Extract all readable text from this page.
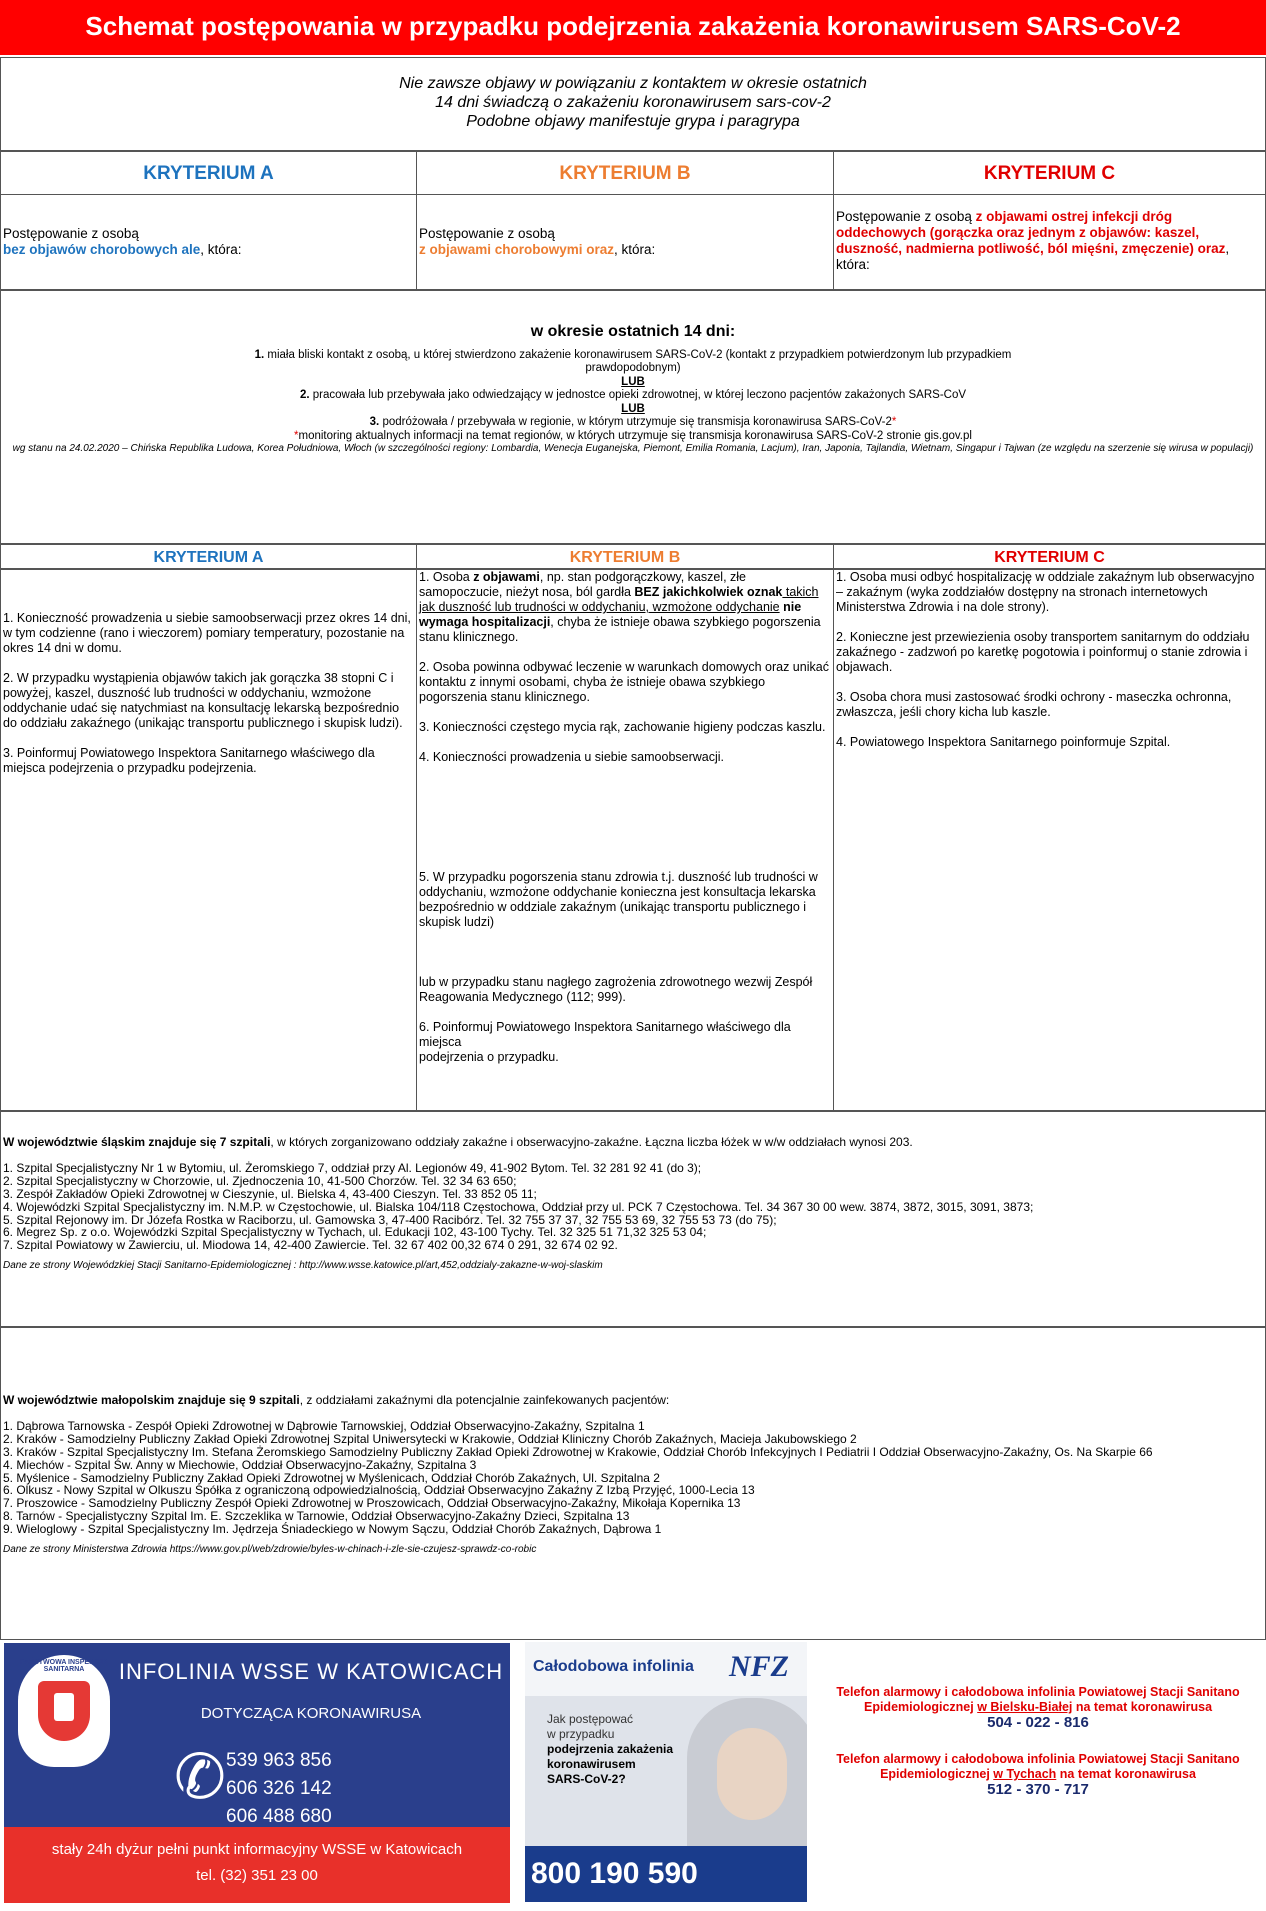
Schemat postępowania w przypadku podejrzenia zakażenia koronawirusem SARS-CoV-2
Nie zawsze objawy w powiązaniu z kontaktem w okresie ostatnich
14 dni świadczą o zakażeniu koronawirusem sars-cov-2
Podobne objawy manifestuje grypa i paragrypa
KRYTERIUM A	KRYTERIUM B	KRYTERIUM C
Postępowanie z osobą
bez objawów chorobowych ale, która:
Postępowanie z osobą
z objawami chorobowymi oraz, która:
Postępowanie z osobą z objawami ostrej infekcji dróg oddechowych (gorączka oraz jednym z objawów: kaszel, duszność, nadmierna potliwość, ból mięśni, zmęczenie) oraz, która:
w okresie ostatnich 14 dni:
1. miała bliski kontakt z osobą, u której stwierdzono zakażenie koronawirusem SARS-CoV-2 (kontakt z przypadkiem potwierdzonym lub przypadkiem prawdopodobnym)
LUB
2. pracowała lub przebywała jako odwiedzający w jednostce opieki zdrowotnej, w której leczono pacjentów zakażonych SARS-CoV
LUB
3. podróżowała / przebywała w regionie, w którym utrzymuje się transmisja koronawirusa SARS-CoV-2*
*monitoring aktualnych informacji na temat regionów, w których utrzymuje się transmisja koronawirusa SARS-CoV-2 stronie gis.gov.pl
wg stanu na 24.02.2020 – Chińska Republika Ludowa, Korea Południowa, Włoch (w szczególności regiony: Lombardia, Wenecja Euganejska, Piemont, Emilia Romania, Lacjum), Iran, Japonia, Tajlandia, Wietnam, Singapur i Tajwan (ze względu na szerzenie się wirusa w populacji)
KRYTERIUM A	KRYTERIUM B	KRYTERIUM C

1. Konieczność prowadzenia u siebie samoobserwacji przez okres 14 dni, w tym codzienne (rano i wieczorem) pomiary temperatury, pozostanie na okres 14 dni w domu.

2. W przypadku wystąpienia objawów takich jak gorączka 38 stopni C i powyżej, kaszel, duszność lub trudności w oddychaniu, wzmożone oddychanie udać się natychmiast na konsultację lekarską bezpośrednio do oddziału zakaźnego (unikając transportu publicznego i skupisk ludzi).

3. Poinformuj Powiatowego Inspektora Sanitarnego właściwego dla miejsca podejrzenia o przypadku podejrzenia.

1. Osoba z objawami, np. stan podgorączkowy, kaszel, złe samopoczucie, nieżyt nosa, ból gardła BEZ jakichkolwiek oznak takich jak duszność lub trudności w oddychaniu, wzmożone oddychanie nie wymaga hospitalizacji, chyba że istnieje obawa szybkiego pogorszenia stanu klinicznego.

2. Osoba powinna odbywać leczenie w warunkach domowych oraz unikać kontaktu z innymi osobami, chyba że istnieje obawa szybkiego pogorszenia stanu klinicznego.

3. Konieczności częstego mycia rąk, zachowanie higieny podczas kaszlu.

4. Konieczności prowadzenia u siebie samoobserwacji.

5. W przypadku pogorszenia stanu zdrowia t.j. duszność lub trudności w oddychaniu, wzmożone oddychanie konieczna jest konsultacja lekarska bezpośrednio w oddziale zakaźnym (unikając transportu publicznego i skupisk ludzi)

lub w przypadku stanu nagłego zagrożenia zdrowotnego wezwij Zespół Reagowania Medycznego (112; 999).

6. Poinformuj Powiatowego Inspektora Sanitarnego właściwego dla miejsca
podejrzenia o przypadku.

1. Osoba musi odbyć hospitalizację w oddziale zakaźnym lub obserwacyjno – zakaźnym (wyka zoddziałów dostępny na stronach internetowych Ministerstwa Zdrowia i na dole strony).

2. Konieczne jest przewiezienia osoby transportem sanitarnym do oddziału zakaźnego - zadzwoń po karetkę pogotowia i poinformuj o stanie zdrowia i objawach.

3. Osoba chora musi zastosować środki ochrony - maseczka ochronna, zwłaszcza, jeśli chory kicha lub kaszle.

4. Powiatowego Inspektora Sanitarnego poinformuje Szpital.

W województwie śląskim znajduje się 7 szpitali, w których zorganizowano oddziały zakaźne i obserwacyjno-zakaźne. Łączna liczba łóżek w w/w oddziałach wynosi 203.
1. Szpital Specjalistyczny Nr 1 w Bytomiu, ul. Żeromskiego 7, oddział przy Al. Legionów 49, 41-902 Bytom. Tel. 32 281 92 41 (do 3);
2. Szpital Specjalistyczny w Chorzowie, ul. Zjednoczenia 10, 41-500 Chorzów. Tel. 32 34 63 650;
3. Zespół Zakładów Opieki Zdrowotnej w Cieszynie, ul. Bielska 4, 43-400 Cieszyn. Tel. 33 852 05 11;
4. Wojewódzki Szpital Specjalistyczny im. N.M.P. w Częstochowie, ul. Bialska 104/118 Częstochowa, Oddział przy ul. PCK 7 Częstochowa. Tel. 34 367 30 00 wew. 3874, 3872, 3015, 3091, 3873;
5. Szpital Rejonowy im. Dr Józefa Rostka w Raciborzu, ul. Gamowska 3, 47-400 Racibórz. Tel. 32 755 37 37, 32 755 53 69, 32 755 53 73 (do 75);
6. Megrez Sp. z o.o. Wojewódzki Szpital Specjalistyczny w Tychach, ul. Edukacji 102, 43-100 Tychy. Tel. 32 325 51 71,32 325 53 04;
7. Szpital Powiatowy w Zawierciu, ul. Miodowa 14, 42-400 Zawiercie. Tel. 32 67 402 00,32 674 0 291, 32 674 02 92.
Dane ze strony Wojewódzkiej Stacji Sanitarno-Epidemiologicznej : http://www.wsse.katowice.pl/art,452,oddzialy-zakazne-w-woj-slaskim
W województwie małopolskim znajduje się 9 szpitali, z oddziałami zakaźnymi dla potencjalnie zainfekowanych pacjentów:
1. Dąbrowa Tarnowska - Zespół Opieki Zdrowotnej w Dąbrowie Tarnowskiej, Oddział Obserwacyjno-Zakaźny, Szpitalna 1
2. Kraków - Samodzielny Publiczny Zakład Opieki Zdrowotnej Szpital Uniwersytecki w Krakowie, Oddział Kliniczny Chorób Zakaźnych, Macieja Jakubowskiego 2
3. Kraków - Szpital Specjalistyczny Im. Stefana Żeromskiego Samodzielny Publiczny Zakład Opieki Zdrowotnej w Krakowie, Oddział Chorób Infekcyjnych I Pediatrii I Oddział Obserwacyjno-Zakaźny, Os. Na Skarpie 66
4. Miechów - Szpital Św. Anny w Miechowie, Oddział Obserwacyjno-Zakaźny, Szpitalna 3
5. Myślenice - Samodzielny Publiczny Zakład Opieki Zdrowotnej w Myślenicach, Oddział Chorób Zakaźnych, Ul. Szpitalna 2
6. Olkusz - Nowy Szpital w Olkuszu Spółka z ograniczoną odpowiedzialnością, Oddział Obserwacyjno Zakaźny Z Izbą Przyjęć, 1000-Lecia 13
7. Proszowice - Samodzielny Publiczny Zespół Opieki Zdrowotnej w Proszowicach, Oddział Obserwacyjno-Zakaźny, Mikołaja Kopernika 13
8. Tarnów - Specjalistyczny Szpital Im. E. Szczeklika w Tarnowie, Oddział Obserwacyjno-Zakaźny Dzieci, Szpitalna 13
9. Wieloglowy - Szpital Specjalistyczny Im. Jędrzeja Śniadeckiego w Nowym Sączu, Oddział Chorób Zakaźnych, Dąbrowa 1
Dane ze strony Ministerstwa Zdrowia https://www.gov.pl/web/zdrowie/byles-w-chinach-i-zle-sie-czujesz-sprawdz-co-robic
PAŃSTWOWA INSPEKCJA SANITARNA	INFOLINIA WSSE W KATOWICACH
DOTYCZĄCA KORONAWIRUSA
✆ 539 963 856
606 326 142
606 488 680
stały 24h dyżur pełni punkt informacyjny WSSE w Katowicach
tel. (32) 351 23 00
Całodobowa infolinia NFZ
Jak postępować
w przypadku
podejrzenia zakażenia
koronawirusem
SARS-CoV-2?
800 190 590
Telefon alarmowy i całodobowa infolinia Powiatowej Stacji Sanitano Epidemiologicznej w Bielsku-Białej na temat koronawirusa
504 - 022 - 816
Telefon alarmowy i całodobowa infolinia Powiatowej Stacji Sanitano Epidemiologicznej w Tychach na temat koronawirusa
512 - 370 - 717
